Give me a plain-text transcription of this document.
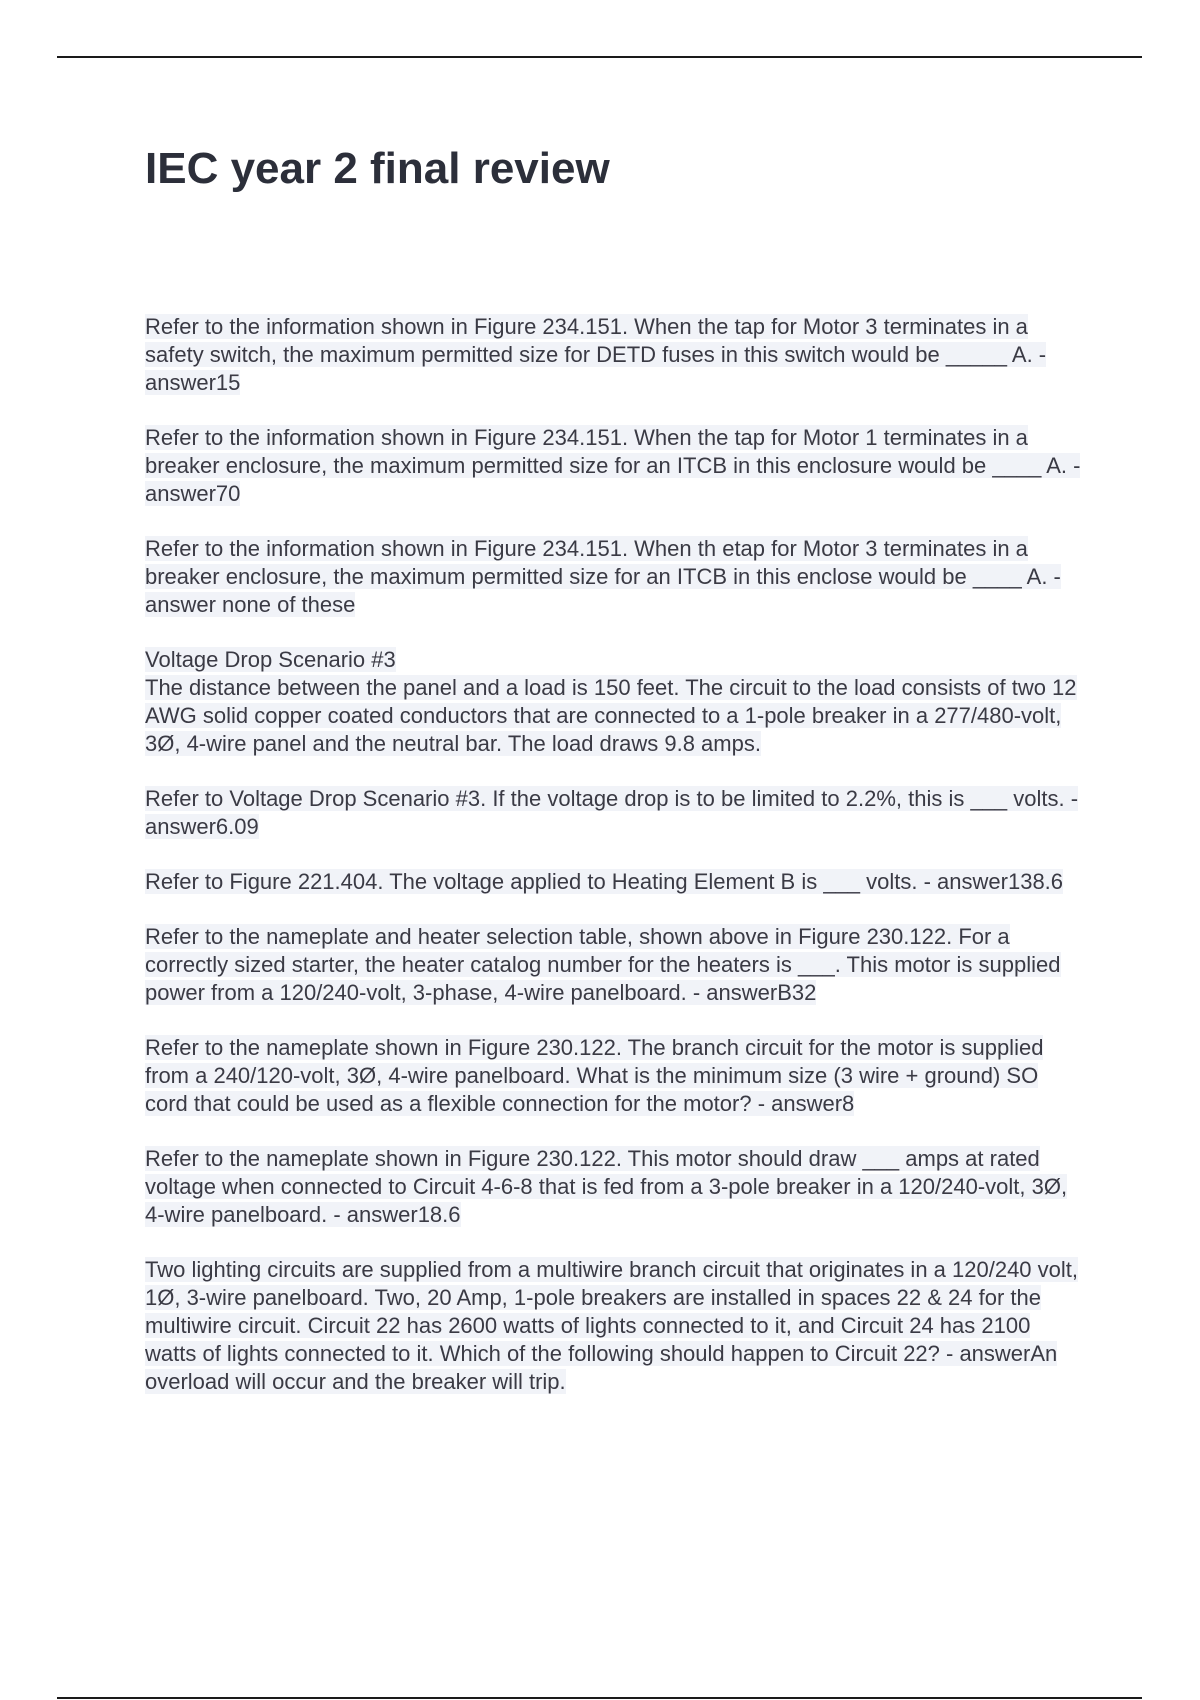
IEC year 2 final review

Refer to the information shown in Figure 234.151. When the tap for Motor 3 terminates in a safety switch, the maximum permitted size for DETD fuses in this switch would be _____ A. - answer15

Refer to the information shown in Figure 234.151. When the tap for Motor 1 terminates in a breaker enclosure, the maximum permitted size for an ITCB in this enclosure would be ____ A. - answer70

Refer to the information shown in Figure 234.151. When th etap for Motor 3 terminates in a breaker enclosure, the maximum permitted size for an ITCB in this enclose would be ____ A. - answer none of these

Voltage Drop Scenario #3

The distance between the panel and a load is 150 feet. The circuit to the load consists of two 12 AWG solid copper coated conductors that are connected to a 1-pole breaker in a 277/480-volt, 3Ø, 4-wire panel and the neutral bar. The load draws 9.8 amps.

Refer to Voltage Drop Scenario #3. If the voltage drop is to be limited to 2.2%, this is ___ volts. - answer6.09

Refer to Figure 221.404. The voltage applied to Heating Element B is ___ volts. - answer138.6

Refer to the nameplate and heater selection table, shown above in Figure 230.122. For a correctly sized starter, the heater catalog number for the heaters is ___. This motor is supplied power from a 120/240-volt, 3-phase, 4-wire panelboard. - answerB32

Refer to the nameplate shown in Figure 230.122. The branch circuit for the motor is supplied from a 240/120-volt, 3Ø, 4-wire panelboard. What is the minimum size (3 wire + ground) SO cord that could be used as a flexible connection for the motor? - answer8

Refer to the nameplate shown in Figure 230.122. This motor should draw ___ amps at rated voltage when connected to Circuit 4-6-8 that is fed from a 3-pole breaker in a 120/240-volt, 3Ø, 4-wire panelboard. - answer18.6

Two lighting circuits are supplied from a multiwire branch circuit that originates in a 120/240 volt, 1Ø, 3-wire panelboard. Two, 20 Amp, 1-pole breakers are installed in spaces 22 & 24 for the multiwire circuit. Circuit 22 has 2600 watts of lights connected to it, and Circuit 24 has 2100 watts of lights connected to it. Which of the following should happen to Circuit 22? - answerAn overload will occur and the breaker will trip.
